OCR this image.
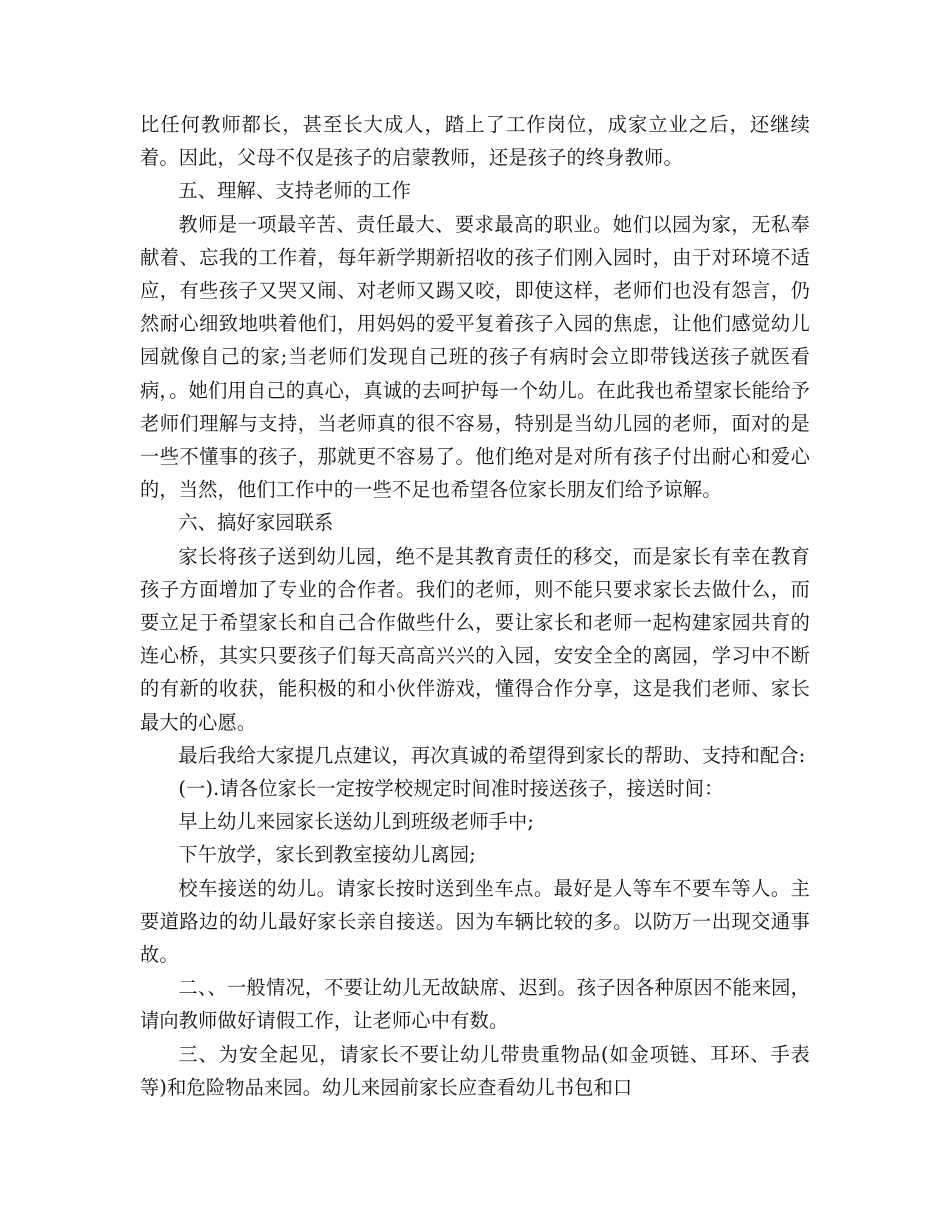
比任何教师都长，甚至长大成人，踏上了工作岗位，成家立业之后，还继续着。因此，父母不仅是孩子的启蒙教师，还是孩子的终身教师。

五、理解、支持老师的工作

教师是一项最辛苦、责任最大、要求最高的职业。她们以园为家，无私奉献着、忘我的工作着，每年新学期新招收的孩子们刚入园时，由于对环境不适应，有些孩子又哭又闹、对老师又踢又咬，即使这样，老师们也没有怨言，仍然耐心细致地哄着他们，用妈妈的爱平复着孩子入园的焦虑，让他们感觉幼儿园就像自己的家;当老师们发现自己班的孩子有病时会立即带钱送孩子就医看病，。她们用自己的真心，真诚的去呵护每一个幼儿。在此我也希望家长能给予老师们理解与支持，当老师真的很不容易，特别是当幼儿园的老师，面对的是一些不懂事的孩子，那就更不容易了。他们绝对是对所有孩子付出耐心和爱心的，当然，他们工作中的一些不足也希望各位家长朋友们给予谅解。

六、搞好家园联系

家长将孩子送到幼儿园，绝不是其教育责任的移交，而是家长有幸在教育孩子方面增加了专业的合作者。我们的老师，则不能只要求家长去做什么，而要立足于希望家长和自己合作做些什么，要让家长和老师一起构建家园共育的连心桥，其实只要孩子们每天高高兴兴的入园，安安全全的离园，学习中不断的有新的收获，能积极的和小伙伴游戏，懂得合作分享，这是我们老师、家长最大的心愿。

最后我给大家提几点建议，再次真诚的希望得到家长的帮助、支持和配合:

(一).请各位家长一定按学校规定时间准时接送孩子，接送时间：

早上幼儿来园家长送幼儿到班级老师手中;

下午放学，家长到教室接幼儿离园;

校车接送的幼儿。请家长按时送到坐车点。最好是人等车不要车等人。主要道路边的幼儿最好家长亲自接送。因为车辆比较的多。以防万一出现交通事故。

二、、一般情况，不要让幼儿无故缺席、迟到。孩子因各种原因不能来园，请向教师做好请假工作，让老师心中有数。

三、为安全起见，请家长不要让幼儿带贵重物品(如金项链、耳环、手表等)和危险物品来园。幼儿来园前家长应查看幼儿书包和口
